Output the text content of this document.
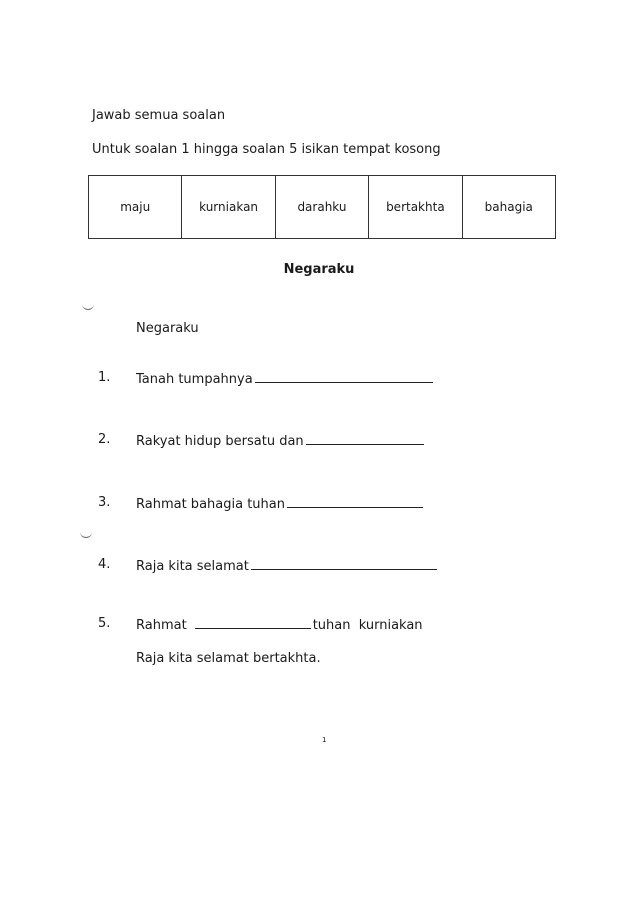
Jawab semua soalan
Untuk soalan 1 hingga soalan 5 isikan tempat kosong
maju	kurniakan	darahku	bertakhta	bahagia
Negaraku
Negaraku
1. Tanah tumpahnya
2. Rakyat hidup bersatu dan
3. Rahmat bahagia tuhan
4. Raja kita selamat
5. Rahmat	tuhan  kurniakan
Raja kita selamat bertakhta.
1
